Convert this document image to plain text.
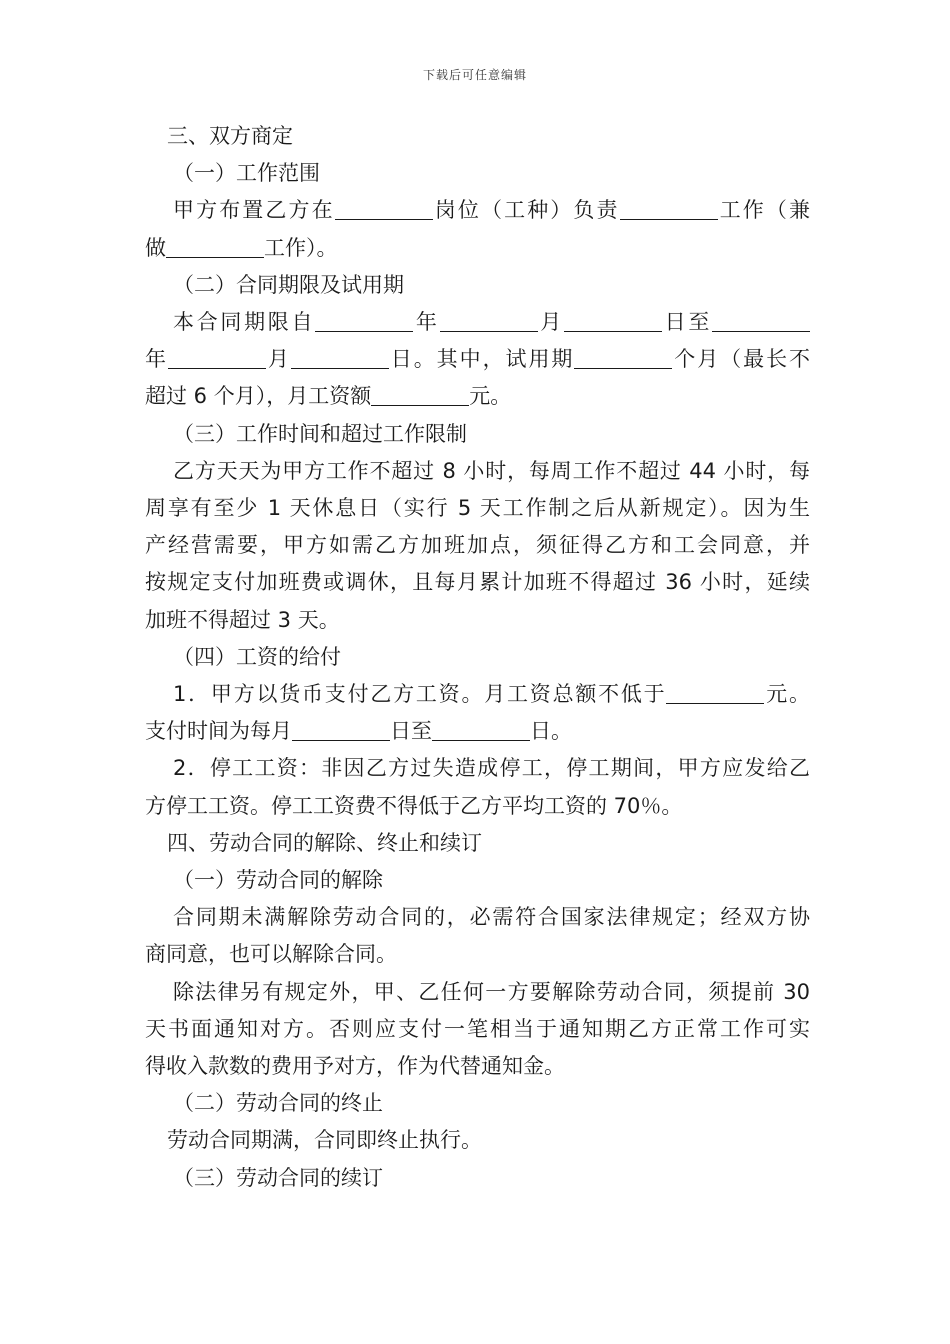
下载后可任意编辑
三、双方商定
（一）工作范围
甲方布置乙方在	岗位（工种）负责	工作（兼
做	工作）。
（二）合同期限及试用期
本合同期限自	年	月	日至
年	月	日。其中，试用期	个月（最长不
超过 6 个月），月工资额	元。
（三）工作时间和超过工作限制
乙方天天为甲方工作不超过 8 小时，每周工作不超过 44 小时，每
周享有至少 1 天休息日（实行 5 天工作制之后从新规定）。因为生
产经营需要，甲方如需乙方加班加点，须征得乙方和工会同意，并
按规定支付加班费或调休，且每月累计加班不得超过 36 小时，延续
加班不得超过 3 天。
（四）工资的给付
1．甲方以货币支付乙方工资。月工资总额不低于	元。
支付时间为每月	日至	日。
2．停工工资：非因乙方过失造成停工，停工期间，甲方应发给乙
方停工工资。停工工资费不得低于乙方平均工资的 70％。
四、劳动合同的解除、终止和续订
（一）劳动合同的解除
合同期未满解除劳动合同的，必需符合国家法律规定；经双方协
商同意，也可以解除合同。
除法律另有规定外，甲、乙任何一方要解除劳动合同，须提前 30
天书面通知对方。否则应支付一笔相当于通知期乙方正常工作可实
得收入款数的费用予对方，作为代替通知金。
（二）劳动合同的终止
劳动合同期满，合同即终止执行。
（三）劳动合同的续订
